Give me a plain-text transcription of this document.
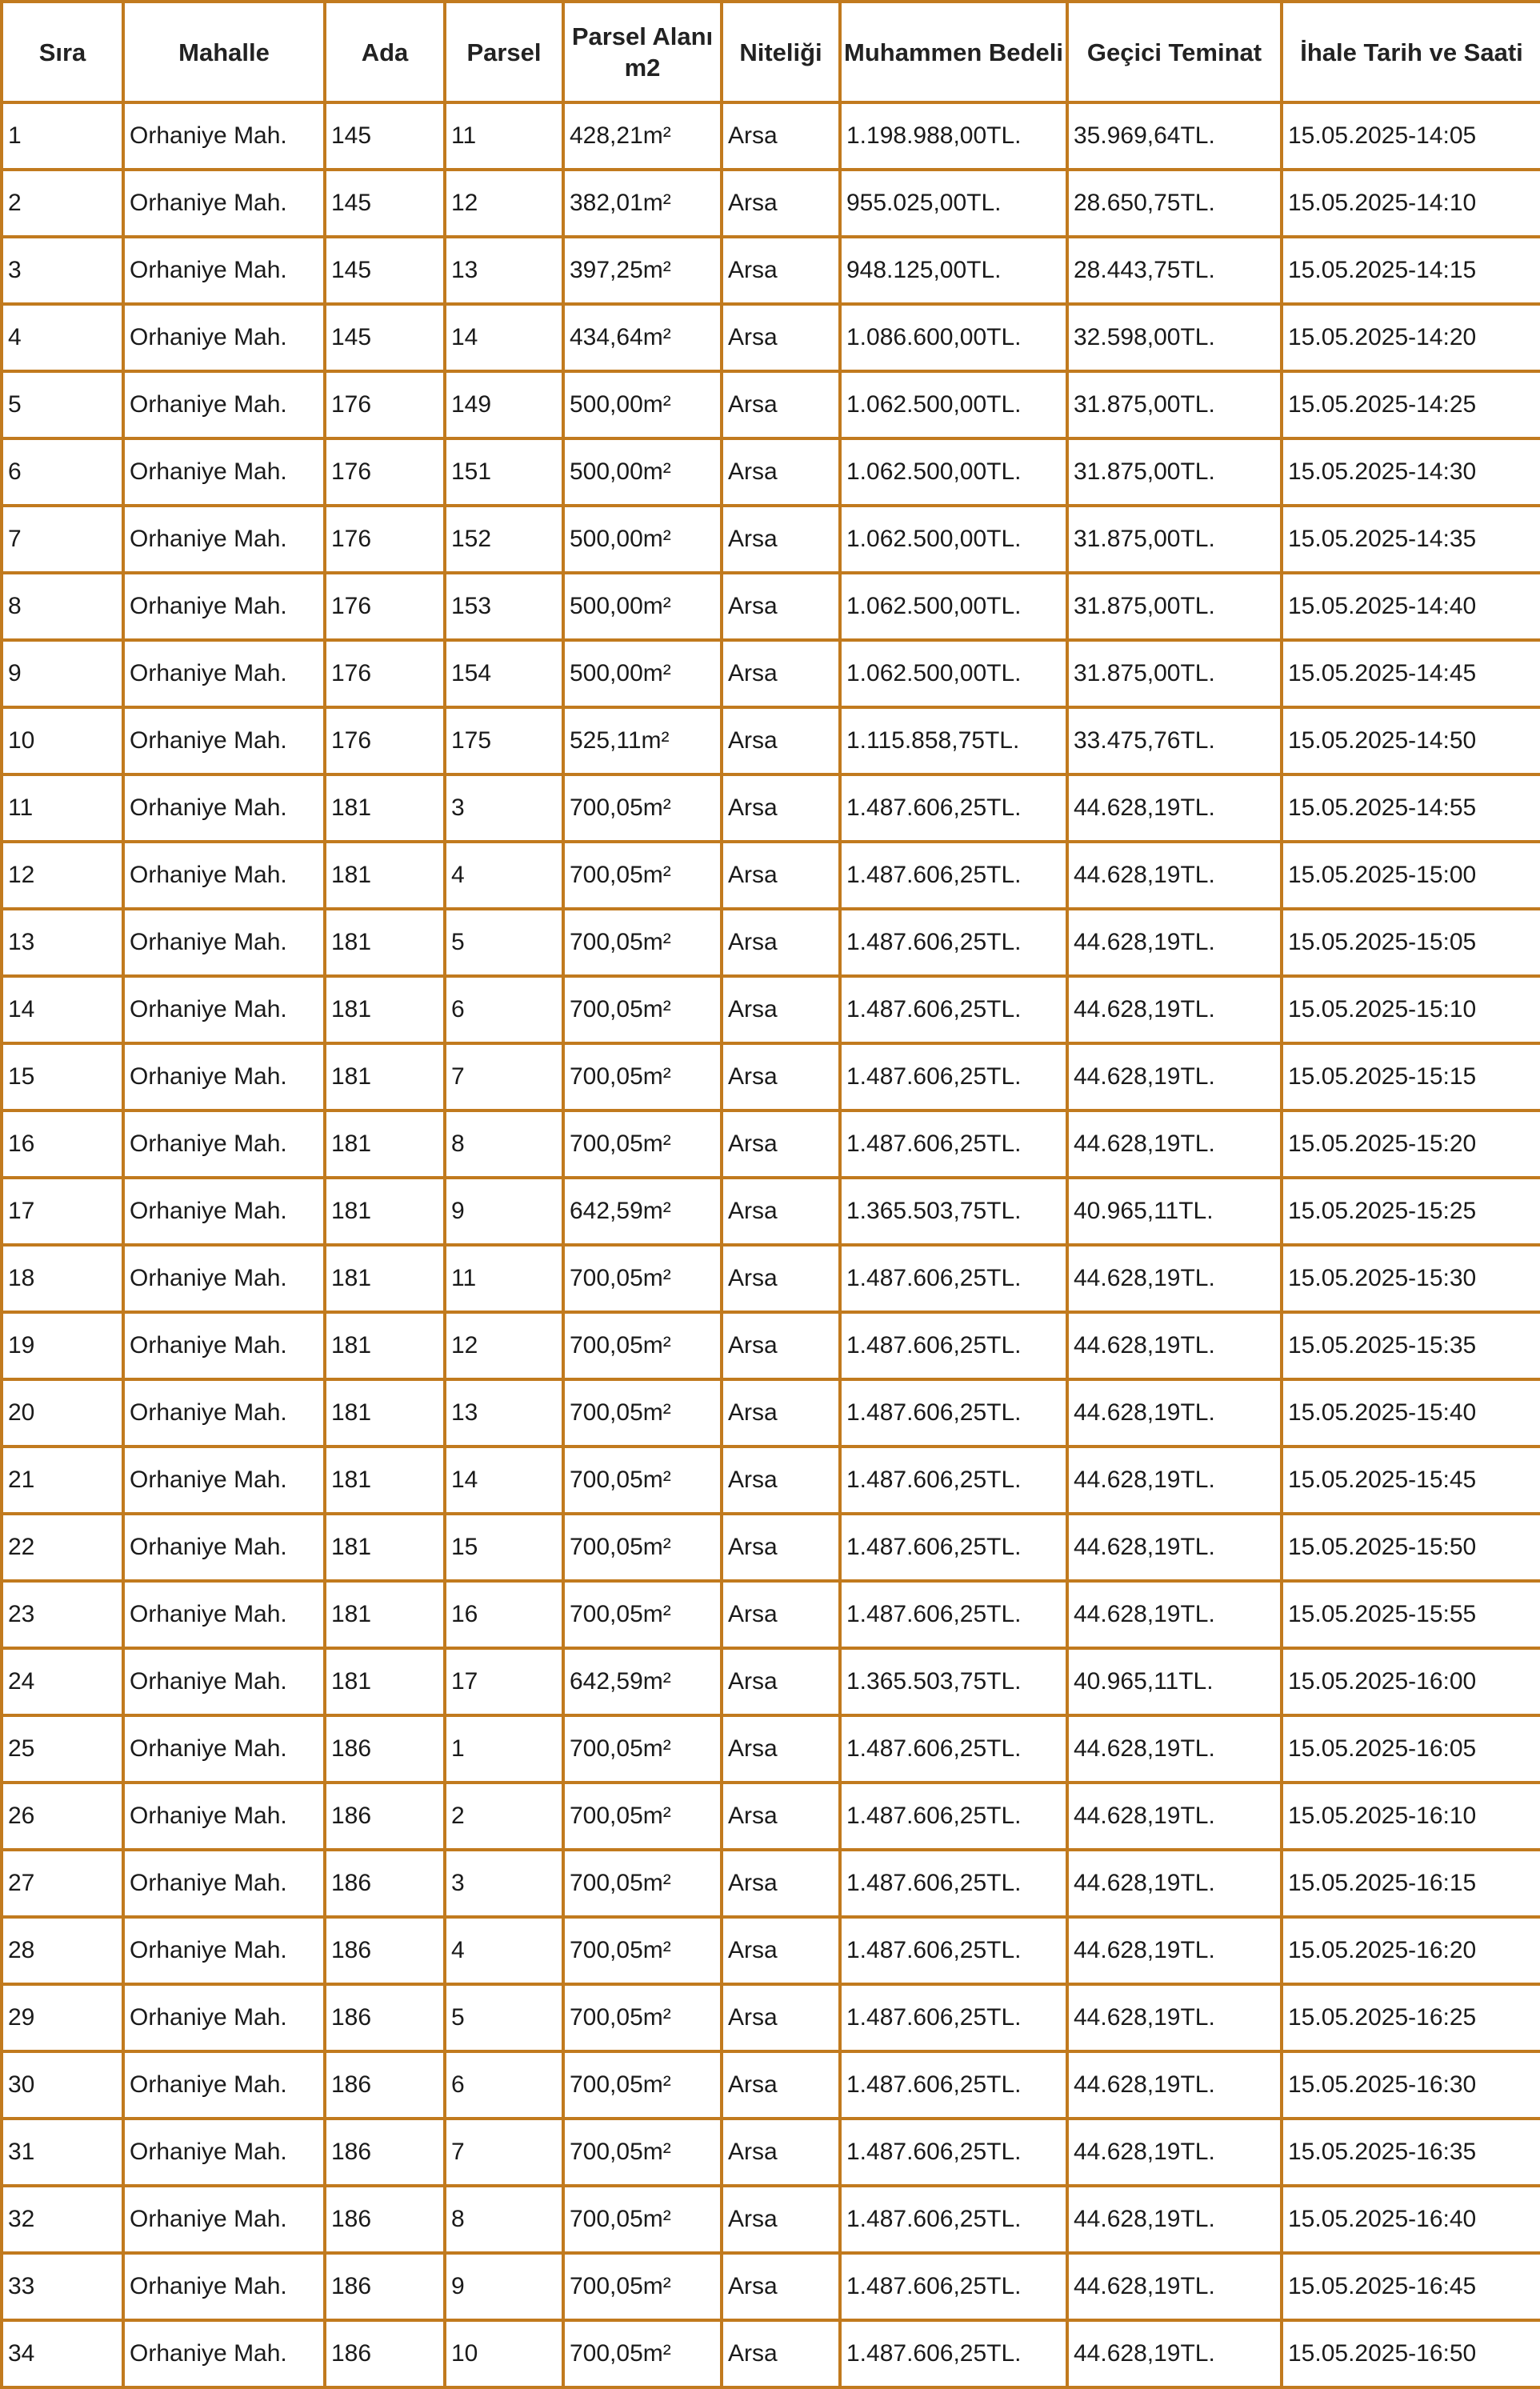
Sıra	Mahalle	Ada	Parsel	Parsel Alanı m2	Niteliği	Muhammen Bedeli	Geçici Teminat	İhale Tarih ve Saati
1	Orhaniye Mah.	145	11	428,21m²	Arsa	1.198.988,00TL.	35.969,64TL.	15.05.2025-14:05
2	Orhaniye Mah.	145	12	382,01m²	Arsa	955.025,00TL.	28.650,75TL.	15.05.2025-14:10
3	Orhaniye Mah.	145	13	397,25m²	Arsa	948.125,00TL.	28.443,75TL.	15.05.2025-14:15
4	Orhaniye Mah.	145	14	434,64m²	Arsa	1.086.600,00TL.	32.598,00TL.	15.05.2025-14:20
5	Orhaniye Mah.	176	149	500,00m²	Arsa	1.062.500,00TL.	31.875,00TL.	15.05.2025-14:25
6	Orhaniye Mah.	176	151	500,00m²	Arsa	1.062.500,00TL.	31.875,00TL.	15.05.2025-14:30
7	Orhaniye Mah.	176	152	500,00m²	Arsa	1.062.500,00TL.	31.875,00TL.	15.05.2025-14:35
8	Orhaniye Mah.	176	153	500,00m²	Arsa	1.062.500,00TL.	31.875,00TL.	15.05.2025-14:40
9	Orhaniye Mah.	176	154	500,00m²	Arsa	1.062.500,00TL.	31.875,00TL.	15.05.2025-14:45
10	Orhaniye Mah.	176	175	525,11m²	Arsa	1.115.858,75TL.	33.475,76TL.	15.05.2025-14:50
11	Orhaniye Mah.	181	3	700,05m²	Arsa	1.487.606,25TL.	44.628,19TL.	15.05.2025-14:55
12	Orhaniye Mah.	181	4	700,05m²	Arsa	1.487.606,25TL.	44.628,19TL.	15.05.2025-15:00
13	Orhaniye Mah.	181	5	700,05m²	Arsa	1.487.606,25TL.	44.628,19TL.	15.05.2025-15:05
14	Orhaniye Mah.	181	6	700,05m²	Arsa	1.487.606,25TL.	44.628,19TL.	15.05.2025-15:10
15	Orhaniye Mah.	181	7	700,05m²	Arsa	1.487.606,25TL.	44.628,19TL.	15.05.2025-15:15
16	Orhaniye Mah.	181	8	700,05m²	Arsa	1.487.606,25TL.	44.628,19TL.	15.05.2025-15:20
17	Orhaniye Mah.	181	9	642,59m²	Arsa	1.365.503,75TL.	40.965,11TL.	15.05.2025-15:25
18	Orhaniye Mah.	181	11	700,05m²	Arsa	1.487.606,25TL.	44.628,19TL.	15.05.2025-15:30
19	Orhaniye Mah.	181	12	700,05m²	Arsa	1.487.606,25TL.	44.628,19TL.	15.05.2025-15:35
20	Orhaniye Mah.	181	13	700,05m²	Arsa	1.487.606,25TL.	44.628,19TL.	15.05.2025-15:40
21	Orhaniye Mah.	181	14	700,05m²	Arsa	1.487.606,25TL.	44.628,19TL.	15.05.2025-15:45
22	Orhaniye Mah.	181	15	700,05m²	Arsa	1.487.606,25TL.	44.628,19TL.	15.05.2025-15:50
23	Orhaniye Mah.	181	16	700,05m²	Arsa	1.487.606,25TL.	44.628,19TL.	15.05.2025-15:55
24	Orhaniye Mah.	181	17	642,59m²	Arsa	1.365.503,75TL.	40.965,11TL.	15.05.2025-16:00
25	Orhaniye Mah.	186	1	700,05m²	Arsa	1.487.606,25TL.	44.628,19TL.	15.05.2025-16:05
26	Orhaniye Mah.	186	2	700,05m²	Arsa	1.487.606,25TL.	44.628,19TL.	15.05.2025-16:10
27	Orhaniye Mah.	186	3	700,05m²	Arsa	1.487.606,25TL.	44.628,19TL.	15.05.2025-16:15
28	Orhaniye Mah.	186	4	700,05m²	Arsa	1.487.606,25TL.	44.628,19TL.	15.05.2025-16:20
29	Orhaniye Mah.	186	5	700,05m²	Arsa	1.487.606,25TL.	44.628,19TL.	15.05.2025-16:25
30	Orhaniye Mah.	186	6	700,05m²	Arsa	1.487.606,25TL.	44.628,19TL.	15.05.2025-16:30
31	Orhaniye Mah.	186	7	700,05m²	Arsa	1.487.606,25TL.	44.628,19TL.	15.05.2025-16:35
32	Orhaniye Mah.	186	8	700,05m²	Arsa	1.487.606,25TL.	44.628,19TL.	15.05.2025-16:40
33	Orhaniye Mah.	186	9	700,05m²	Arsa	1.487.606,25TL.	44.628,19TL.	15.05.2025-16:45
34	Orhaniye Mah.	186	10	700,05m²	Arsa	1.487.606,25TL.	44.628,19TL.	15.05.2025-16:50
